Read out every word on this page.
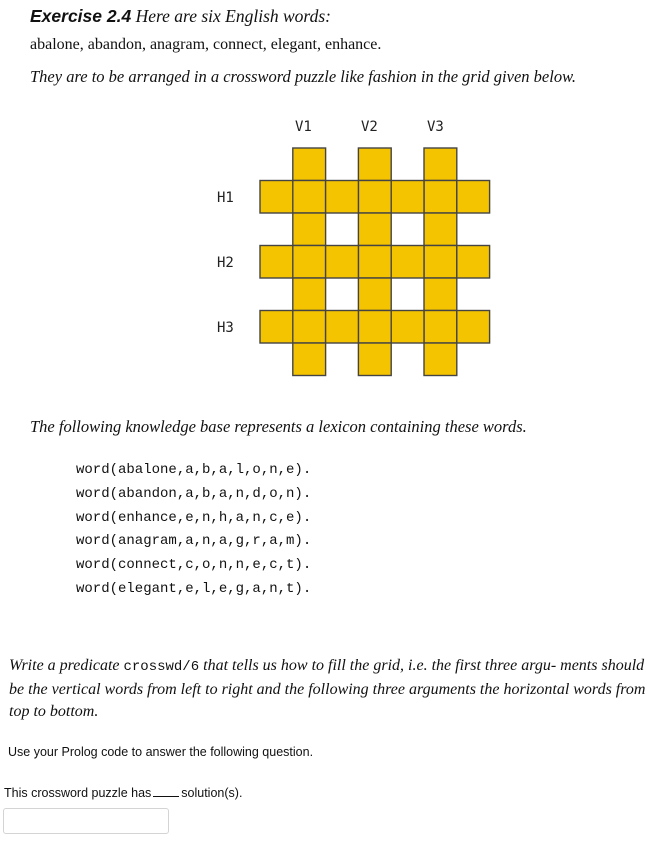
Exercise 2.4 Here are six English words:
abalone, abandon, anagram, connect, elegant, enhance.
They are to be arranged in a crossword puzzle like fashion in the grid given below.
V1	V2	V3
H1
H2
H3
The following knowledge base represents a lexicon containing these words.
word(abalone,a,b,a,l,o,n,e).
word(abandon,a,b,a,n,d,o,n).
word(enhance,e,n,h,a,n,c,e).
word(anagram,a,n,a,g,r,a,m).
word(connect,c,o,n,n,e,c,t).
word(elegant,e,l,e,g,a,n,t).
Write a predicate crosswd/6 that tells us how to fill the grid, i.e. the first three argu- ments should be the vertical words from left to right and the following three arguments the horizontal words from top to bottom.
Use your Prolog code to answer the following question.
This crossword puzzle has solution(s).
